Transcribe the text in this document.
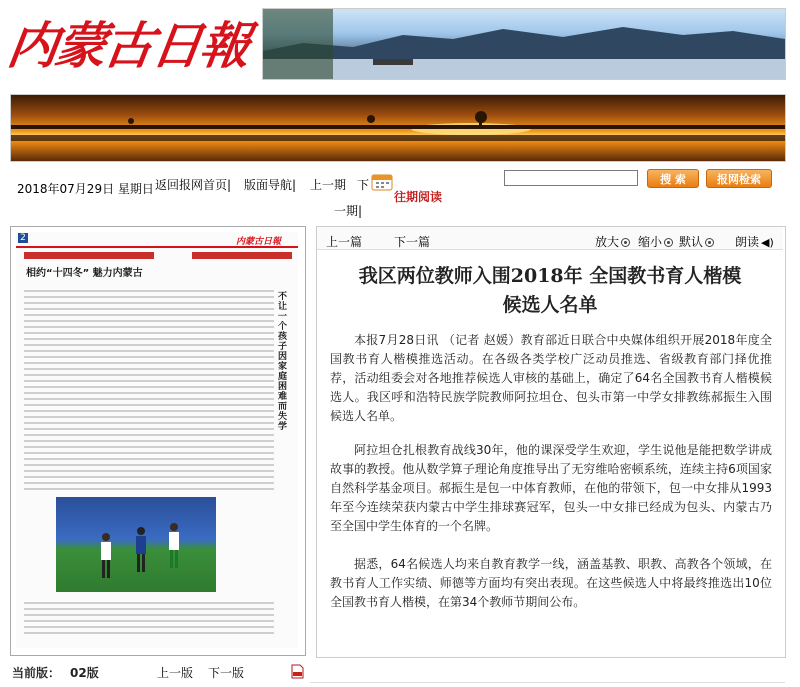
内蒙古日報
2018年07月29日 星期日 返回报网首页| 版面导航| 上一期 下
往期阅读
一期|
搜 索	报网检索
2	内蒙古日報
相约“十四冬” 魅力内蒙古
不让一个孩子因家庭困难而失学
当前版： 02版	上一版 下一版
上一篇	下一篇	放大	缩小	默认	朗读 ◀)
我区两位教师入围2018年 全国教书育人楷模
候选人名单
本报7月28日讯 （记者 赵媛）教育部近日联合中央媒体组织开展2018年度全国教书育人楷模推选活动。在各级各类学校广泛动员推选、省级教育部门择优推荐，活动组委会对各地推荐候选人审核的基础上，确定了64名全国教书育人楷模候选人。我区呼和浩特民族学院教师阿拉坦仓、包头市第一中学女排教练郝振生入围候选人名单。
阿拉坦仓扎根教育战线30年，他的课深受学生欢迎，学生说他是能把数学讲成故事的教授。他从数学算子理论角度推导出了无穷维哈密顿系统，连续主持6项国家自然科学基金项目。郝振生是包一中体育教师，在他的带领下，包一中女排从1993年至今连续荣获内蒙古中学生排球赛冠军，包头一中女排已经成为包头、内蒙古乃至全国中学生体育的一个名牌。
据悉，64名候选人均来自教育教学一线，涵盖基教、职教、高教各个领域，在教书育人工作实绩、师德等方面均有突出表现。在这些候选人中将最终推选出10位全国教书育人楷模，在第34个教师节期间公布。
